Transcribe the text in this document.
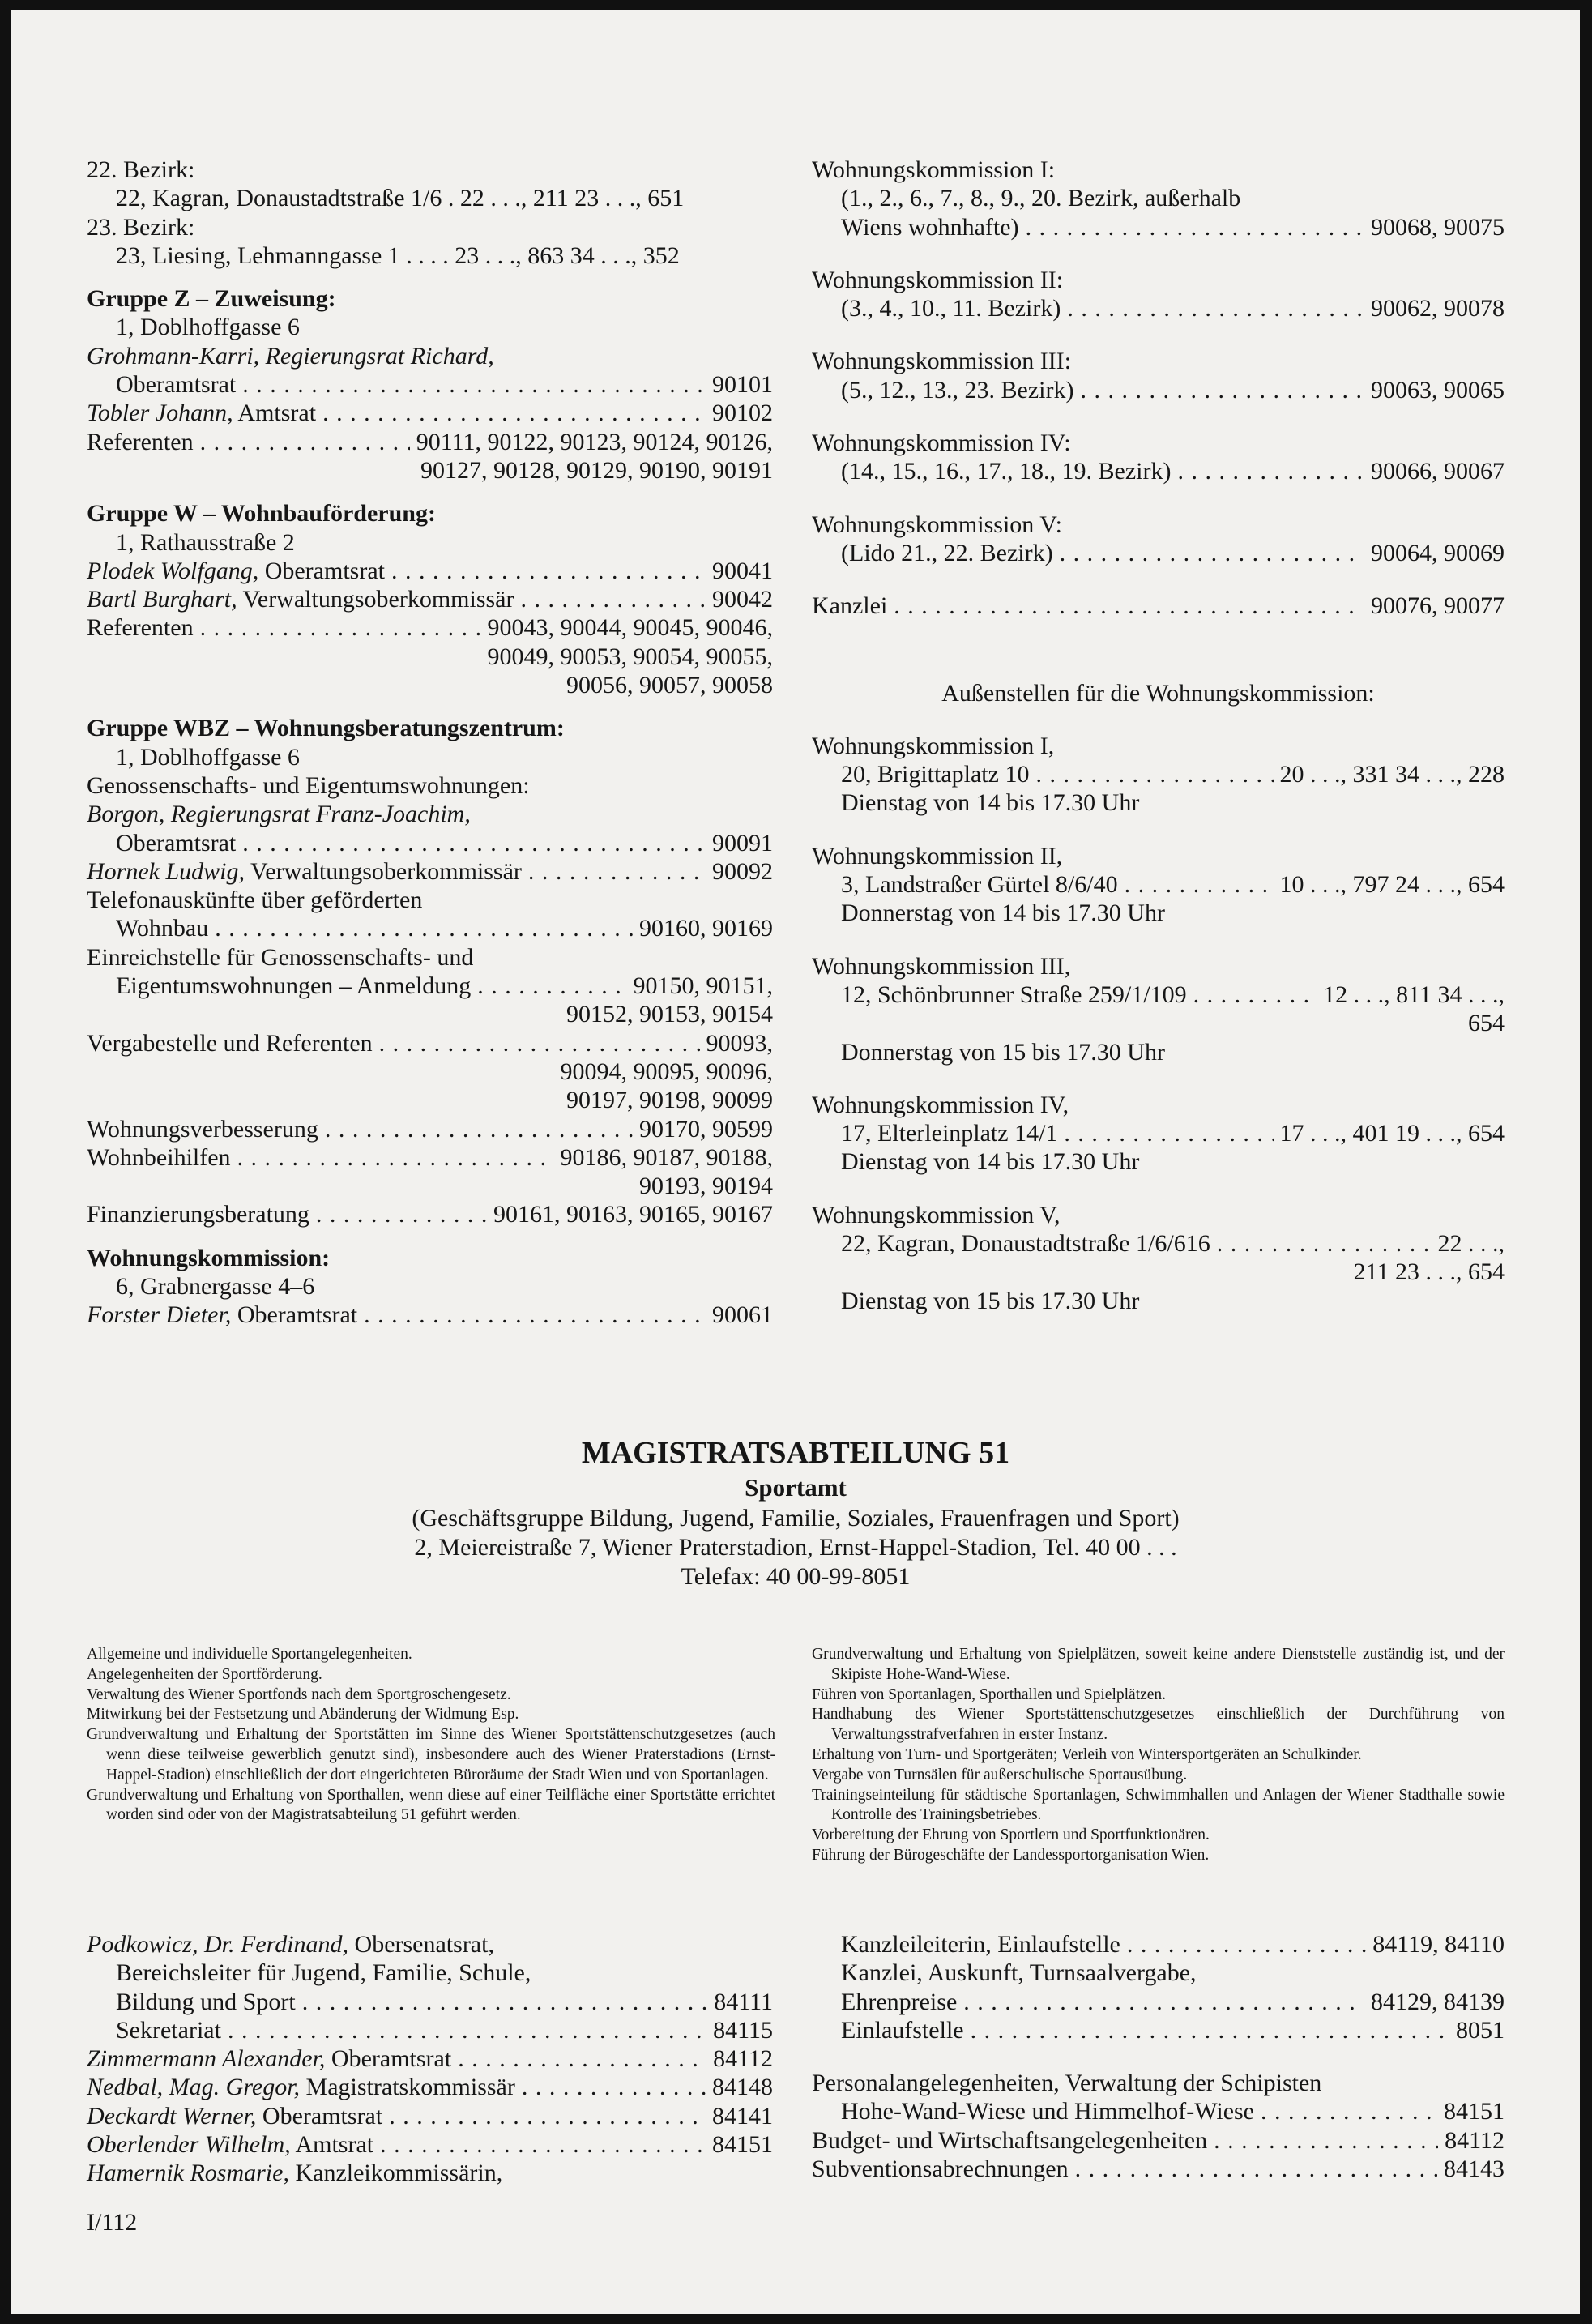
22. Bezirk:
22, Kagran, Donaustadtstraße 1/6 . 22 . . ., 211 23 . . ., 651
23. Bezirk:
23, Liesing, Lehmanngasse 1 . . . . 23 . . ., 863 34 . . ., 352
Gruppe Z – Zuweisung:
1, Doblhoffgasse 6
Grohmann-Karri, Regierungsrat Richard,
Oberamtsrat . . .	90101
Tobler Johann, Amtsrat . . .	90102
Referenten . . .	90111, 90122, 90123, 90124, 90126,
90127, 90128, 90129, 90190, 90191
Gruppe W – Wohnbauförderung:
1, Rathausstraße 2
Plodek Wolfgang, Oberamtsrat . . .	90041
Bartl Burghart, Verwaltungsoberkommissär . . .	90042
Referenten . . .	90043, 90044, 90045, 90046,
90049, 90053, 90054, 90055,
90056, 90057, 90058
Gruppe WBZ – Wohnungsberatungszentrum:
1, Doblhoffgasse 6
Genossenschafts- und Eigentumswohnungen:
Borgon, Regierungsrat Franz-Joachim,
Oberamtsrat . . .	90091
Hornek Ludwig, Verwaltungsoberkommissär . . .	90092
Telefonauskünfte über geförderten
Wohnbau . . .	90160, 90169
Einreichstelle für Genossenschafts- und
Eigentumswohnungen – Anmeldung . . .	90150, 90151,
90152, 90153, 90154
Vergabestelle und Referenten . . .	90093,
90094, 90095, 90096,
90197, 90198, 90099
Wohnungsverbesserung . . .	90170, 90599
Wohnbeihilfen . . .	90186, 90187, 90188,
90193, 90194
Finanzierungsberatung . . .	90161, 90163, 90165, 90167
Wohnungskommission:
6, Grabnergasse 4–6
Forster Dieter, Oberamtsrat . . .	90061
Wohnungskommission I:
(1., 2., 6., 7., 8., 9., 20. Bezirk, außerhalb
Wiens wohnhafte) . . .	90068, 90075
Wohnungskommission II:
(3., 4., 10., 11. Bezirk) . . .	90062, 90078
Wohnungskommission III:
(5., 12., 13., 23. Bezirk) . . .	90063, 90065
Wohnungskommission IV:
(14., 15., 16., 17., 18., 19. Bezirk) . . .	90066, 90067
Wohnungskommission V:
(Lido 21., 22. Bezirk) . . .	90064, 90069
Kanzlei . . .	90076, 90077
Außenstellen für die Wohnungskommission:
Wohnungskommission I,
20, Brigittaplatz 10 . . .	20 . . ., 331 34 . . ., 228
Dienstag von 14 bis 17.30 Uhr
Wohnungskommission II,
3, Landstraßer Gürtel 8/6/40 . . .	10 . . ., 797 24 . . ., 654
Donnerstag von 14 bis 17.30 Uhr
Wohnungskommission III,
12, Schönbrunner Straße 259/1/109 . . .	12 . . ., 811 34 . . .,
654
Donnerstag von 15 bis 17.30 Uhr
Wohnungskommission IV,
17, Elterleinplatz 14/1 . . .	17 . . ., 401 19 . . ., 654
Dienstag von 14 bis 17.30 Uhr
Wohnungskommission V,
22, Kagran, Donaustadtstraße 1/6/616 . . .	22 . . .,
211 23 . . ., 654
Dienstag von 15 bis 17.30 Uhr
MAGISTRATSABTEILUNG 51
Sportamt
(Geschäftsgruppe Bildung, Jugend, Familie, Soziales, Frauenfragen und Sport)
2, Meiereistraße 7, Wiener Praterstadion, Ernst-Happel-Stadion, Tel. 40 00 . . .
Telefax: 40 00-99-8051
Allgemeine und individuelle Sportangelegenheiten.
Angelegenheiten der Sportförderung.
Verwaltung des Wiener Sportfonds nach dem Sportgroschengesetz.
Mitwirkung bei der Festsetzung und Abänderung der Widmung Esp.
Grundverwaltung und Erhaltung der Sportstätten im Sinne des Wiener Sportstättenschutzgesetzes (auch wenn diese teilweise gewerblich genutzt sind), insbesondere auch des Wiener Praterstadions (Ernst-Happel-Stadion) einschließlich der dort eingerichteten Büroräume der Stadt Wien und von Sportanlagen.
Grundverwaltung und Erhaltung von Sporthallen, wenn diese auf einer Teilfläche einer Sportstätte errichtet worden sind oder von der Magistratsabteilung 51 geführt werden.
Grundverwaltung und Erhaltung von Spielplätzen, soweit keine andere Dienststelle zuständig ist, und der Skipiste Hohe-Wand-Wiese.
Führen von Sportanlagen, Sporthallen und Spielplätzen.
Handhabung des Wiener Sportstättenschutzgesetzes einschließlich der Durchführung von Verwaltungsstrafverfahren in erster Instanz.
Erhaltung von Turn- und Sportgeräten; Verleih von Wintersportgeräten an Schulkinder.
Vergabe von Turnsälen für außerschulische Sportausübung.
Trainingseinteilung für städtische Sportanlagen, Schwimmhallen und Anlagen der Wiener Stadthalle sowie Kontrolle des Trainingsbetriebes.
Vorbereitung der Ehrung von Sportlern und Sportfunktionären.
Führung der Bürogeschäfte der Landessportorganisation Wien.
Podkowicz, Dr. Ferdinand, Obersenatsrat,
Bereichsleiter für Jugend, Familie, Schule,
Bildung und Sport . . .	84111
Sekretariat . . .	84115
Zimmermann Alexander, Oberamtsrat . . .	84112
Nedbal, Mag. Gregor, Magistratskommissär . . .	84148
Deckardt Werner, Oberamtsrat . . .	84141
Oberlender Wilhelm, Amtsrat . . .	84151
Hamernik Rosmarie, Kanzleikommissärin,
Kanzleileiterin, Einlaufstelle . . .	84119, 84110
Kanzlei, Auskunft, Turnsaalvergabe,
Ehrenpreise . . .	84129, 84139
Einlaufstelle . . .	8051
Personalangelegenheiten, Verwaltung der Schipisten
Hohe-Wand-Wiese und Himmelhof-Wiese . . .	84151
Budget- und Wirtschaftsangelegenheiten . . .	84112
Subventionsabrechnungen . . .	84143
I/112
